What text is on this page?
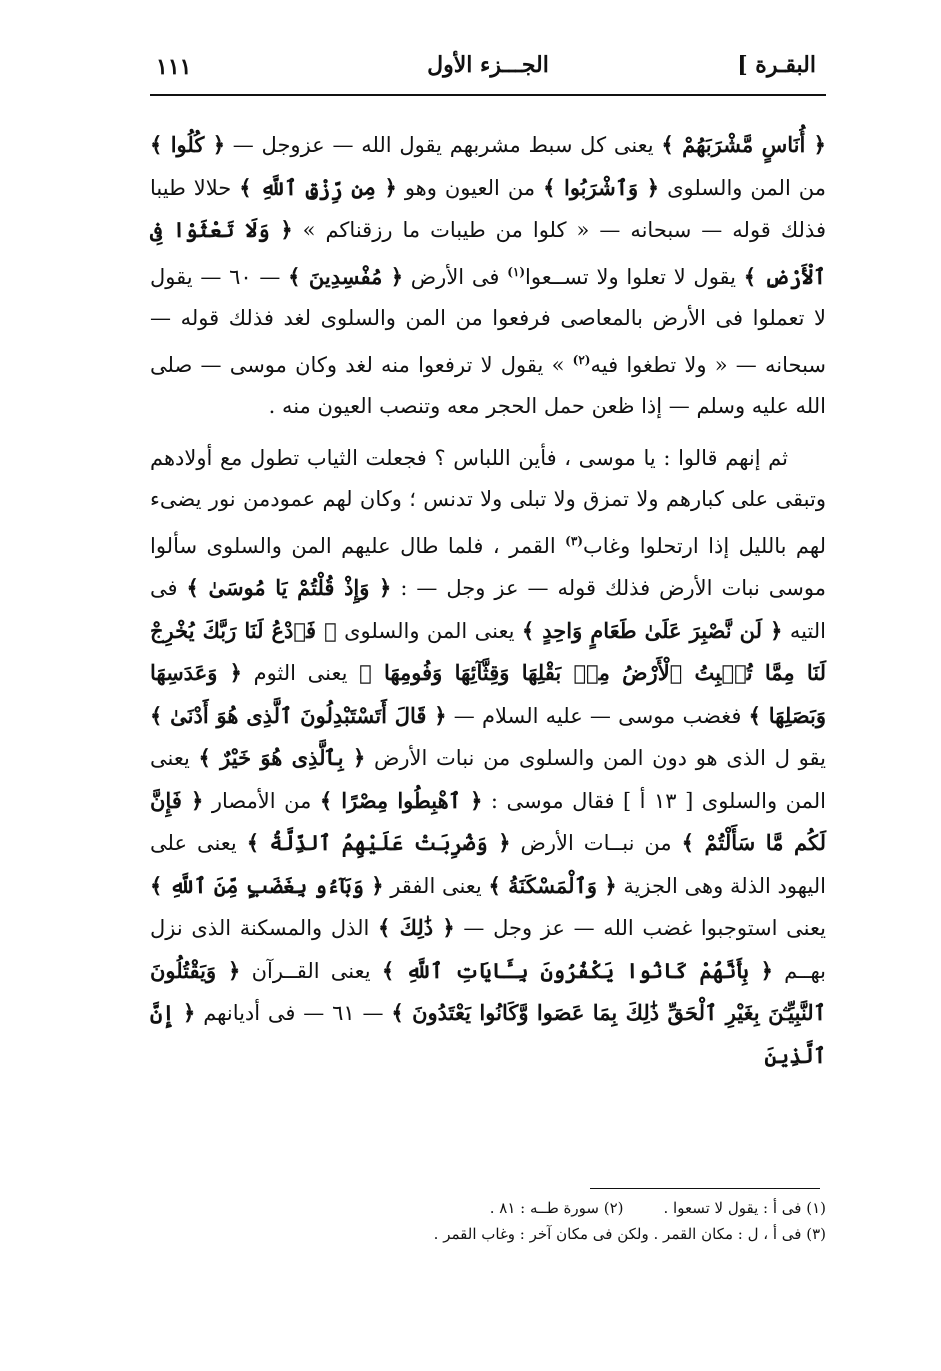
البقـرة ]
الجـــزء الأول
١١١

﴿ أُنَاسٍ مَّشْرَبَهُمْ ﴾ يعنى كل سبط مشربهم يقول الله — عزوجل — ﴿ كُلُوا ﴾ من المن والسلوى ﴿ وَٱشْرَبُوا ﴾ من العيون وهو ﴿ مِن رِّزْقِ ٱللَّهِ ﴾ حلالا طيبا فذلك قوله — سبحانه — « كلوا من طيبات ما رزقناكم » ﴿ وَلَا تَعْثَوْا فِى ٱلْأَرْضِ ﴾ يقول لا تعلوا ولا تســعوا$^{(١)}$ فى الأرض ﴿ مُفْسِدِينَ ﴾ — ٦٠ — يقول لا تعملوا فى الأرض بالمعاصى فرفعوا من المن والسلوى لغد فذلك قوله — سبحانه — « ولا تطغوا فيه$^{(٢)}$ » يقول لا ترفعوا منه لغد وكان موسى — صلى الله عليه وسلم — إذا ظعن حمل الحجر معه وتنصب العيون منه .

ثم إنهم قالوا : يا موسى ، فأين اللباس ؟ فجعلت الثياب تطول مع أولادهم وتبقى على كبارهم ولا تمزق ولا تبلى ولا تدنس ؛ وكان لهم عمودمن نور يضىء لهم بالليل إذا ارتحلوا وغاب$^{(٣)}$ القمر ، فلما طال عليهم المن والسلوى سألوا موسى نبات الأرض فذلك قوله — عز وجل — : ﴿ وَإِذْ قُلْتُمْ يَا مُوسَىٰ ﴾ فى التيه ﴿ لَن نَّصْبِرَ عَلَىٰ طَعَامٍ وَاحِدٍ ﴾ يعنى المن والسلوى ﴿ فَٱدْعُ لَنَا رَبَّكَ يُخْرِجْ لَنَا مِمَّا تُنۢبِتُ ٱلْأَرْضُ مِنۢ بَقْلِهَا وَقِثَّآئِهَا وَفُومِهَا ﴾ يعنى الثوم ﴿ وَعَدَسِهَا وَبَصَلِهَا ﴾ فغضب موسى — عليه السلام — ﴿ قَالَ أَتَسْتَبْدِلُونَ ٱلَّذِى هُوَ أَدْنَىٰ ﴾ يقو ل الذى هو دون المن والسلوى من نبات الأرض ﴿ بِٱلَّذِى هُوَ خَيْرٌ ﴾ يعنى المن والسلوى [ ١٣ أ ] فقال موسى : ﴿ ٱهْبِطُوا مِصْرًا ﴾ من الأمصار ﴿ فَإِنَّ لَكُم مَّا سَأَلْتُمْ ﴾ من نبــات الأرض ﴿ وَضُرِبَتْ عَلَيْهِمُ ٱلذِّلَّةُ ﴾ يعنى على اليهود الذلة وهى الجزية ﴿ وَٱلْمَسْكَنَةُ ﴾ يعنى الفقر ﴿ وَبَآءُو بِغَضَبٍ مِّنَ ٱللَّهِ ﴾ يعنى استوجبوا غضب الله — عز وجل — ﴿ ذَٰلِكَ ﴾ الذل والمسكنة الذى نزل بهــم ﴿ بِأَنَّهُمْ كَانُوا يَكْفُرُونَ بِـَٔايَاتِ ٱللَّهِ ﴾ يعنى القــرآن ﴿ وَيَقْتُلُونَ ٱلنَّبِيِّـۧنَ بِغَيْرِ ٱلْحَقِّ ذَٰلِكَ بِمَا عَصَوا وَّكَانُوا يَعْتَدُونَ ﴾ — ٦١ — فى أديانهم ﴿ إِنَّ ٱلَّذِينَ

(١) فى أ : يقول لا تسعوا .
(٢) سورة طــه : ٨١ .
(٣) فى أ ، ل : مكان القمر . ولكن فى مكان آخر : وغاب القمر .
